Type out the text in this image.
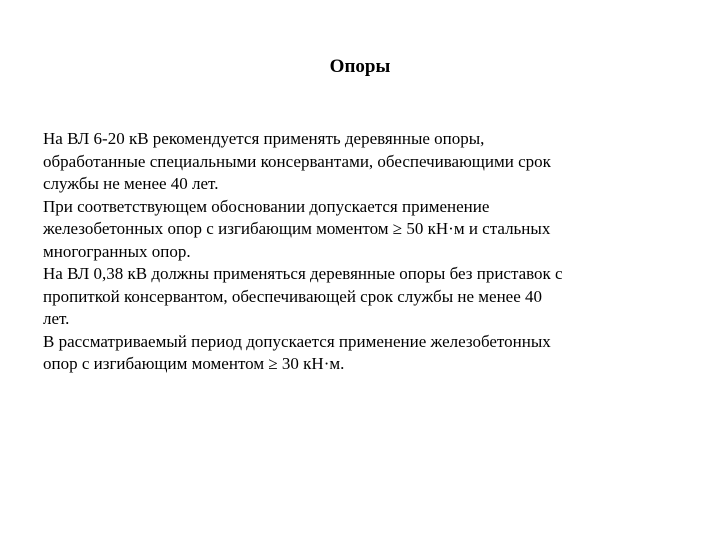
Опоры

На ВЛ 6-20 кВ рекомендуется применять деревянные опоры,
обработанные специальными консервантами, обеспечивающими срок
службы не менее 40 лет.

При соответствующем обосновании допускается применение
железобетонных опор с изгибающим моментом ≥ 50 кН·м и стальных
многогранных опор.

На ВЛ 0,38 кВ должны применяться деревянные опоры без приставок с
пропиткой консервантом, обеспечивающей срок службы не менее 40
лет.

В рассматриваемый период допускается применение железобетонных
опор с изгибающим моментом ≥ 30 кН·м.
